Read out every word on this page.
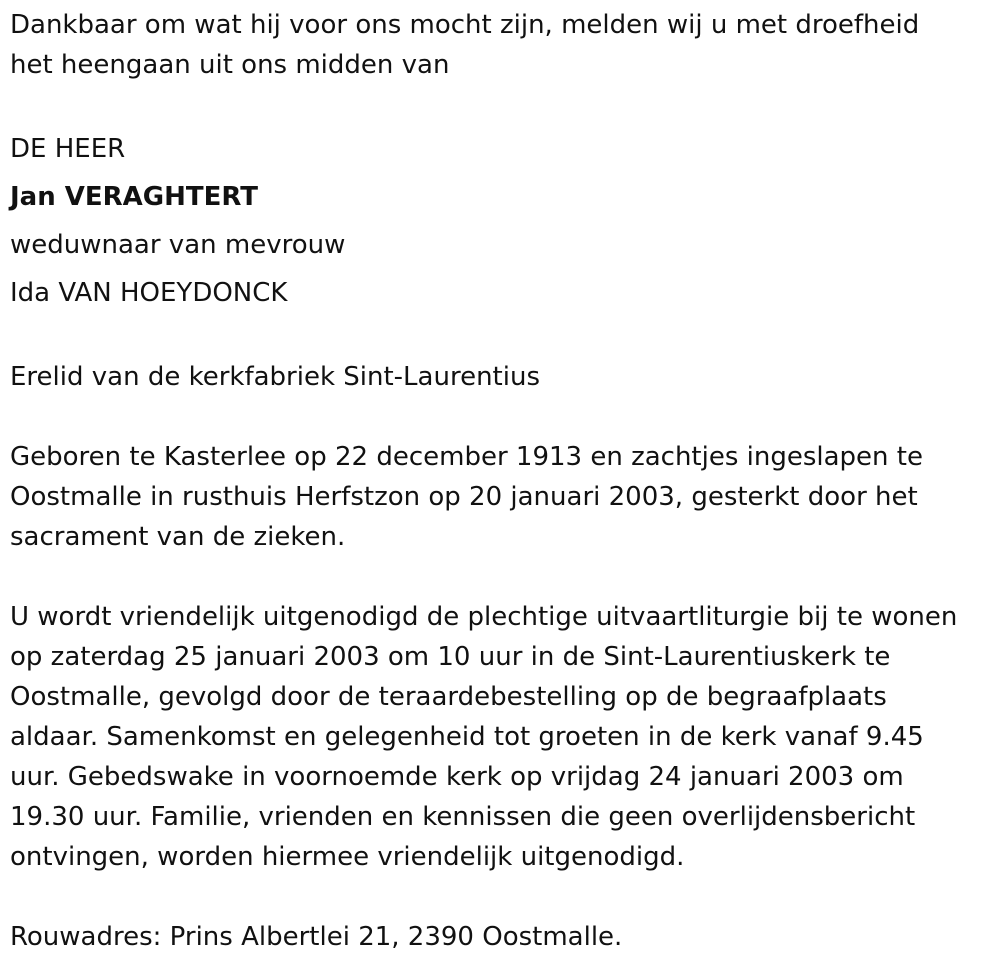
Dankbaar om wat hij voor ons mocht zijn, melden wij u met droefheid
het heengaan uit ons midden van

DE HEER

Jan VERAGHTERT

weduwnaar van mevrouw

Ida VAN HOEYDONCK

Erelid van de kerkfabriek Sint-Laurentius

Geboren te Kasterlee op 22 december 1913 en zachtjes ingeslapen te
Oostmalle in rusthuis Herfstzon op 20 januari 2003, gesterkt door het
sacrament van de zieken.

U wordt vriendelijk uitgenodigd de plechtige uitvaartliturgie bij te wonen
op zaterdag 25 januari 2003 om 10 uur in de Sint-Laurentiuskerk te
Oostmalle, gevolgd door de teraardebestelling op de begraafplaats
aldaar. Samenkomst en gelegenheid tot groeten in de kerk vanaf 9.45
uur. Gebedswake in voornoemde kerk op vrijdag 24 januari 2003 om
19.30 uur. Familie, vrienden en kennissen die geen overlijdensbericht
ontvingen, worden hiermee vriendelijk uitgenodigd.

Rouwadres: Prins Albertlei 21, 2390 Oostmalle.
